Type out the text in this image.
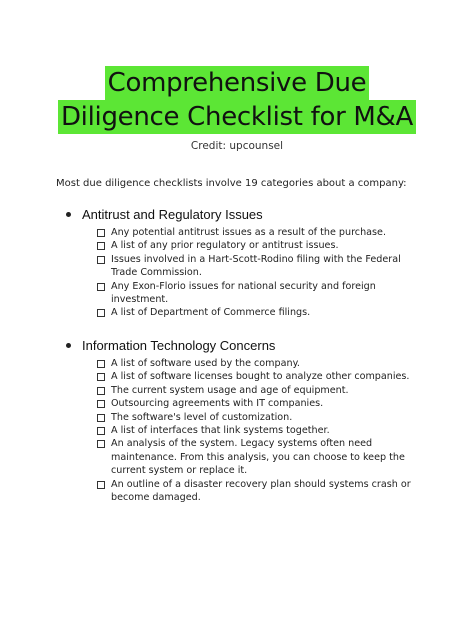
Comprehensive Due
Diligence Checklist for M&A
Credit: upcounsel
Most due diligence checklists involve 19 categories about a company:
Antitrust and Regulatory Issues
Any potential antitrust issues as a result of the purchase.
A list of any prior regulatory or antitrust issues.
Issues involved in a Hart-Scott-Rodino filing with the Federal Trade Commission.
Any Exon-Florio issues for national security and foreign investment.
A list of Department of Commerce filings.
Information Technology Concerns
A list of software used by the company.
A list of software licenses bought to analyze other companies.
The current system usage and age of equipment.
Outsourcing agreements with IT companies.
The software's level of customization.
A list of interfaces that link systems together.
An analysis of the system. Legacy systems often need maintenance. From this analysis, you can choose to keep the current system or replace it.
An outline of a disaster recovery plan should systems crash or become damaged.
